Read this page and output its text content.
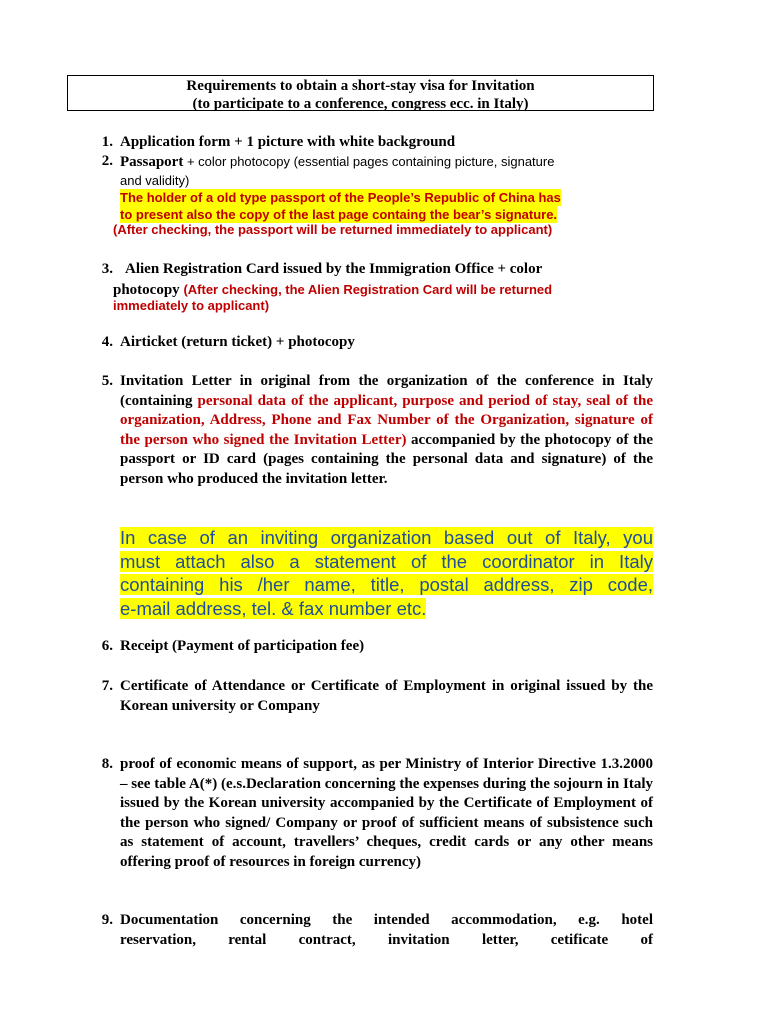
Requirements to obtain a short-stay visa for Invitation
(to participate to a conference, congress ecc. in Italy)
1. Application form + 1 picture with white background
2. Passaport + color photocopy (essential pages containing picture, signature
and validity)
The holder of a old type passport of the People’s Republic of China has
to present also the copy of the last page containg the bear’s signature.
(After checking, the passport will be returned immediately to applicant)
3. Alien Registration Card issued by the Immigration Office + color
photocopy (After checking, the Alien Registration Card will be returned
immediately to applicant)
4. Airticket (return ticket) + photocopy
5. Invitation Letter in original from the organization of the conference in Italy (containing personal data of the applicant, purpose and period of stay, seal of the organization, Address, Phone and Fax Number of the Organization, signature of the person who signed the Invitation Letter) accompanied by the photocopy of the passport or ID card (pages containing the personal data and signature) of the person who produced the invitation letter.
In case of an inviting organization based out of Italy, you
must attach also a statement of the coordinator in Italy
containing his /her name, title, postal address, zip code,
e-mail address, tel. & fax number etc.
6. Receipt (Payment of participation fee)
7. Certificate of Attendance or Certificate of Employment in original issued by the Korean university or Company
8. proof of economic means of support, as per Ministry of Interior Directive 1.3.2000 – see table A(*) (e.s.Declaration concerning the expenses during the sojourn in Italy issued by the Korean university accompanied by the Certificate of Employment of the person who signed/ Company or proof of sufficient means of subsistence such as statement of account, travellers’ cheques, credit cards or any other means offering proof of resources in foreign currency)
9. Documentation concerning the intended accommodation, e.g. hotel
reservation, rental contract, invitation letter, cetificate of
